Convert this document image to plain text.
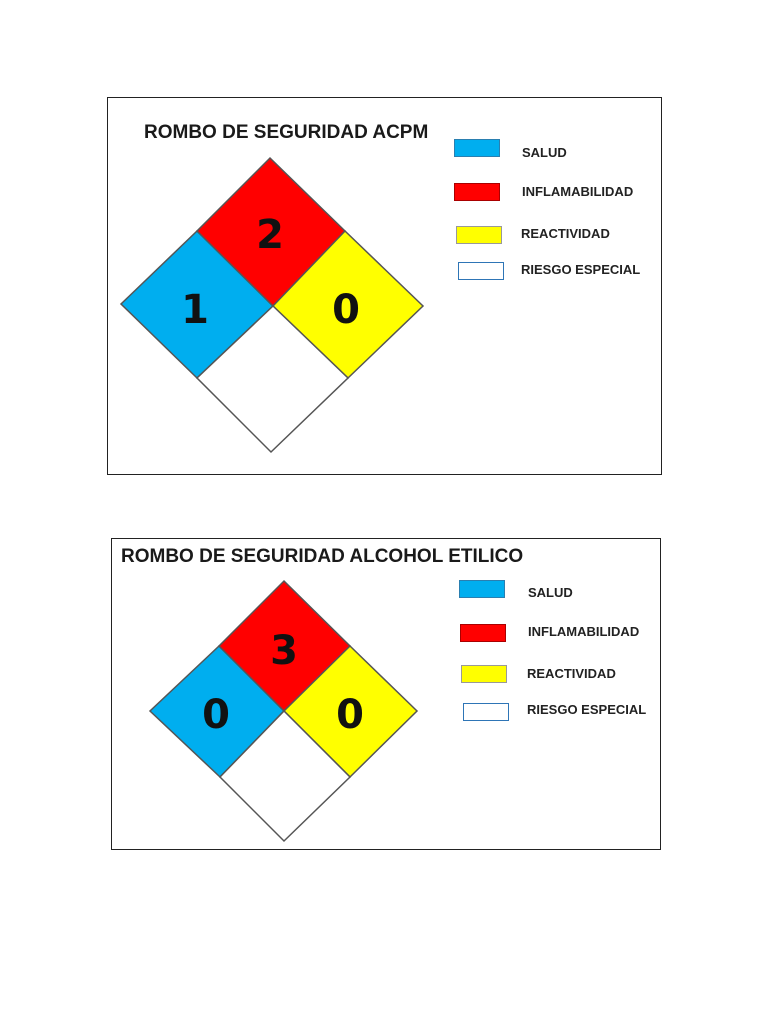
ROMBO DE SEGURIDAD ACPM
1
2
0
SALUD
INFLAMABILIDAD
REACTIVIDAD
RIESGO ESPECIAL
ROMBO DE SEGURIDAD ALCOHOL ETILICO
0
3
0
SALUD
INFLAMABILIDAD
REACTIVIDAD
RIESGO ESPECIAL
